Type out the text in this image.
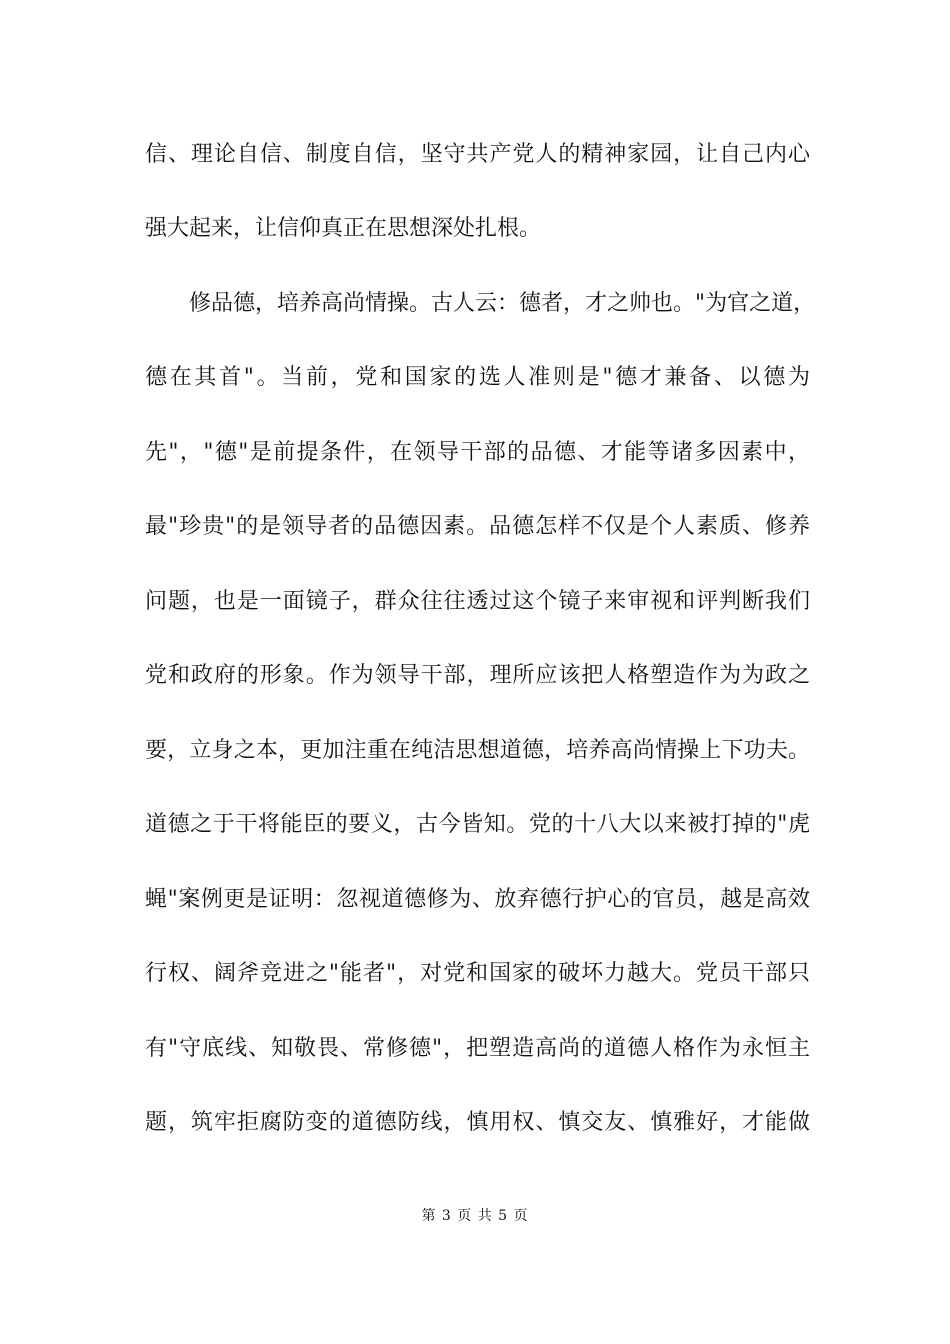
信、理论自信、制度自信，坚守共产党人的精神家园，让自己内心
强大起来，让信仰真正在思想深处扎根。
修品德，培养高尚情操。古人云：德者，才之帅也。"为官之道，
德在其首"。当前，党和国家的选人准则是"德才兼备、以德为
先"，"德"是前提条件，在领导干部的品德、才能等诸多因素中，
最"珍贵"的是领导者的品德因素。品德怎样不仅是个人素质、修养
问题，也是一面镜子，群众往往透过这个镜子来审视和评判断我们
党和政府的形象。作为领导干部，理所应该把人格塑造作为为政之
要，立身之本，更加注重在纯洁思想道德，培养高尚情操上下功夫。
道德之于干将能臣的要义，古今皆知。党的十八大以来被打掉的"虎
蝇"案例更是证明：忽视道德修为、放弃德行护心的官员，越是高效
行权、阔斧竞进之"能者"，对党和国家的破坏力越大。党员干部只
有"守底线、知敬畏、常修德"，把塑造高尚的道德人格作为永恒主
题，筑牢拒腐防变的道德防线，慎用权、慎交友、慎雅好，才能做
第 3 页 共 5 页
